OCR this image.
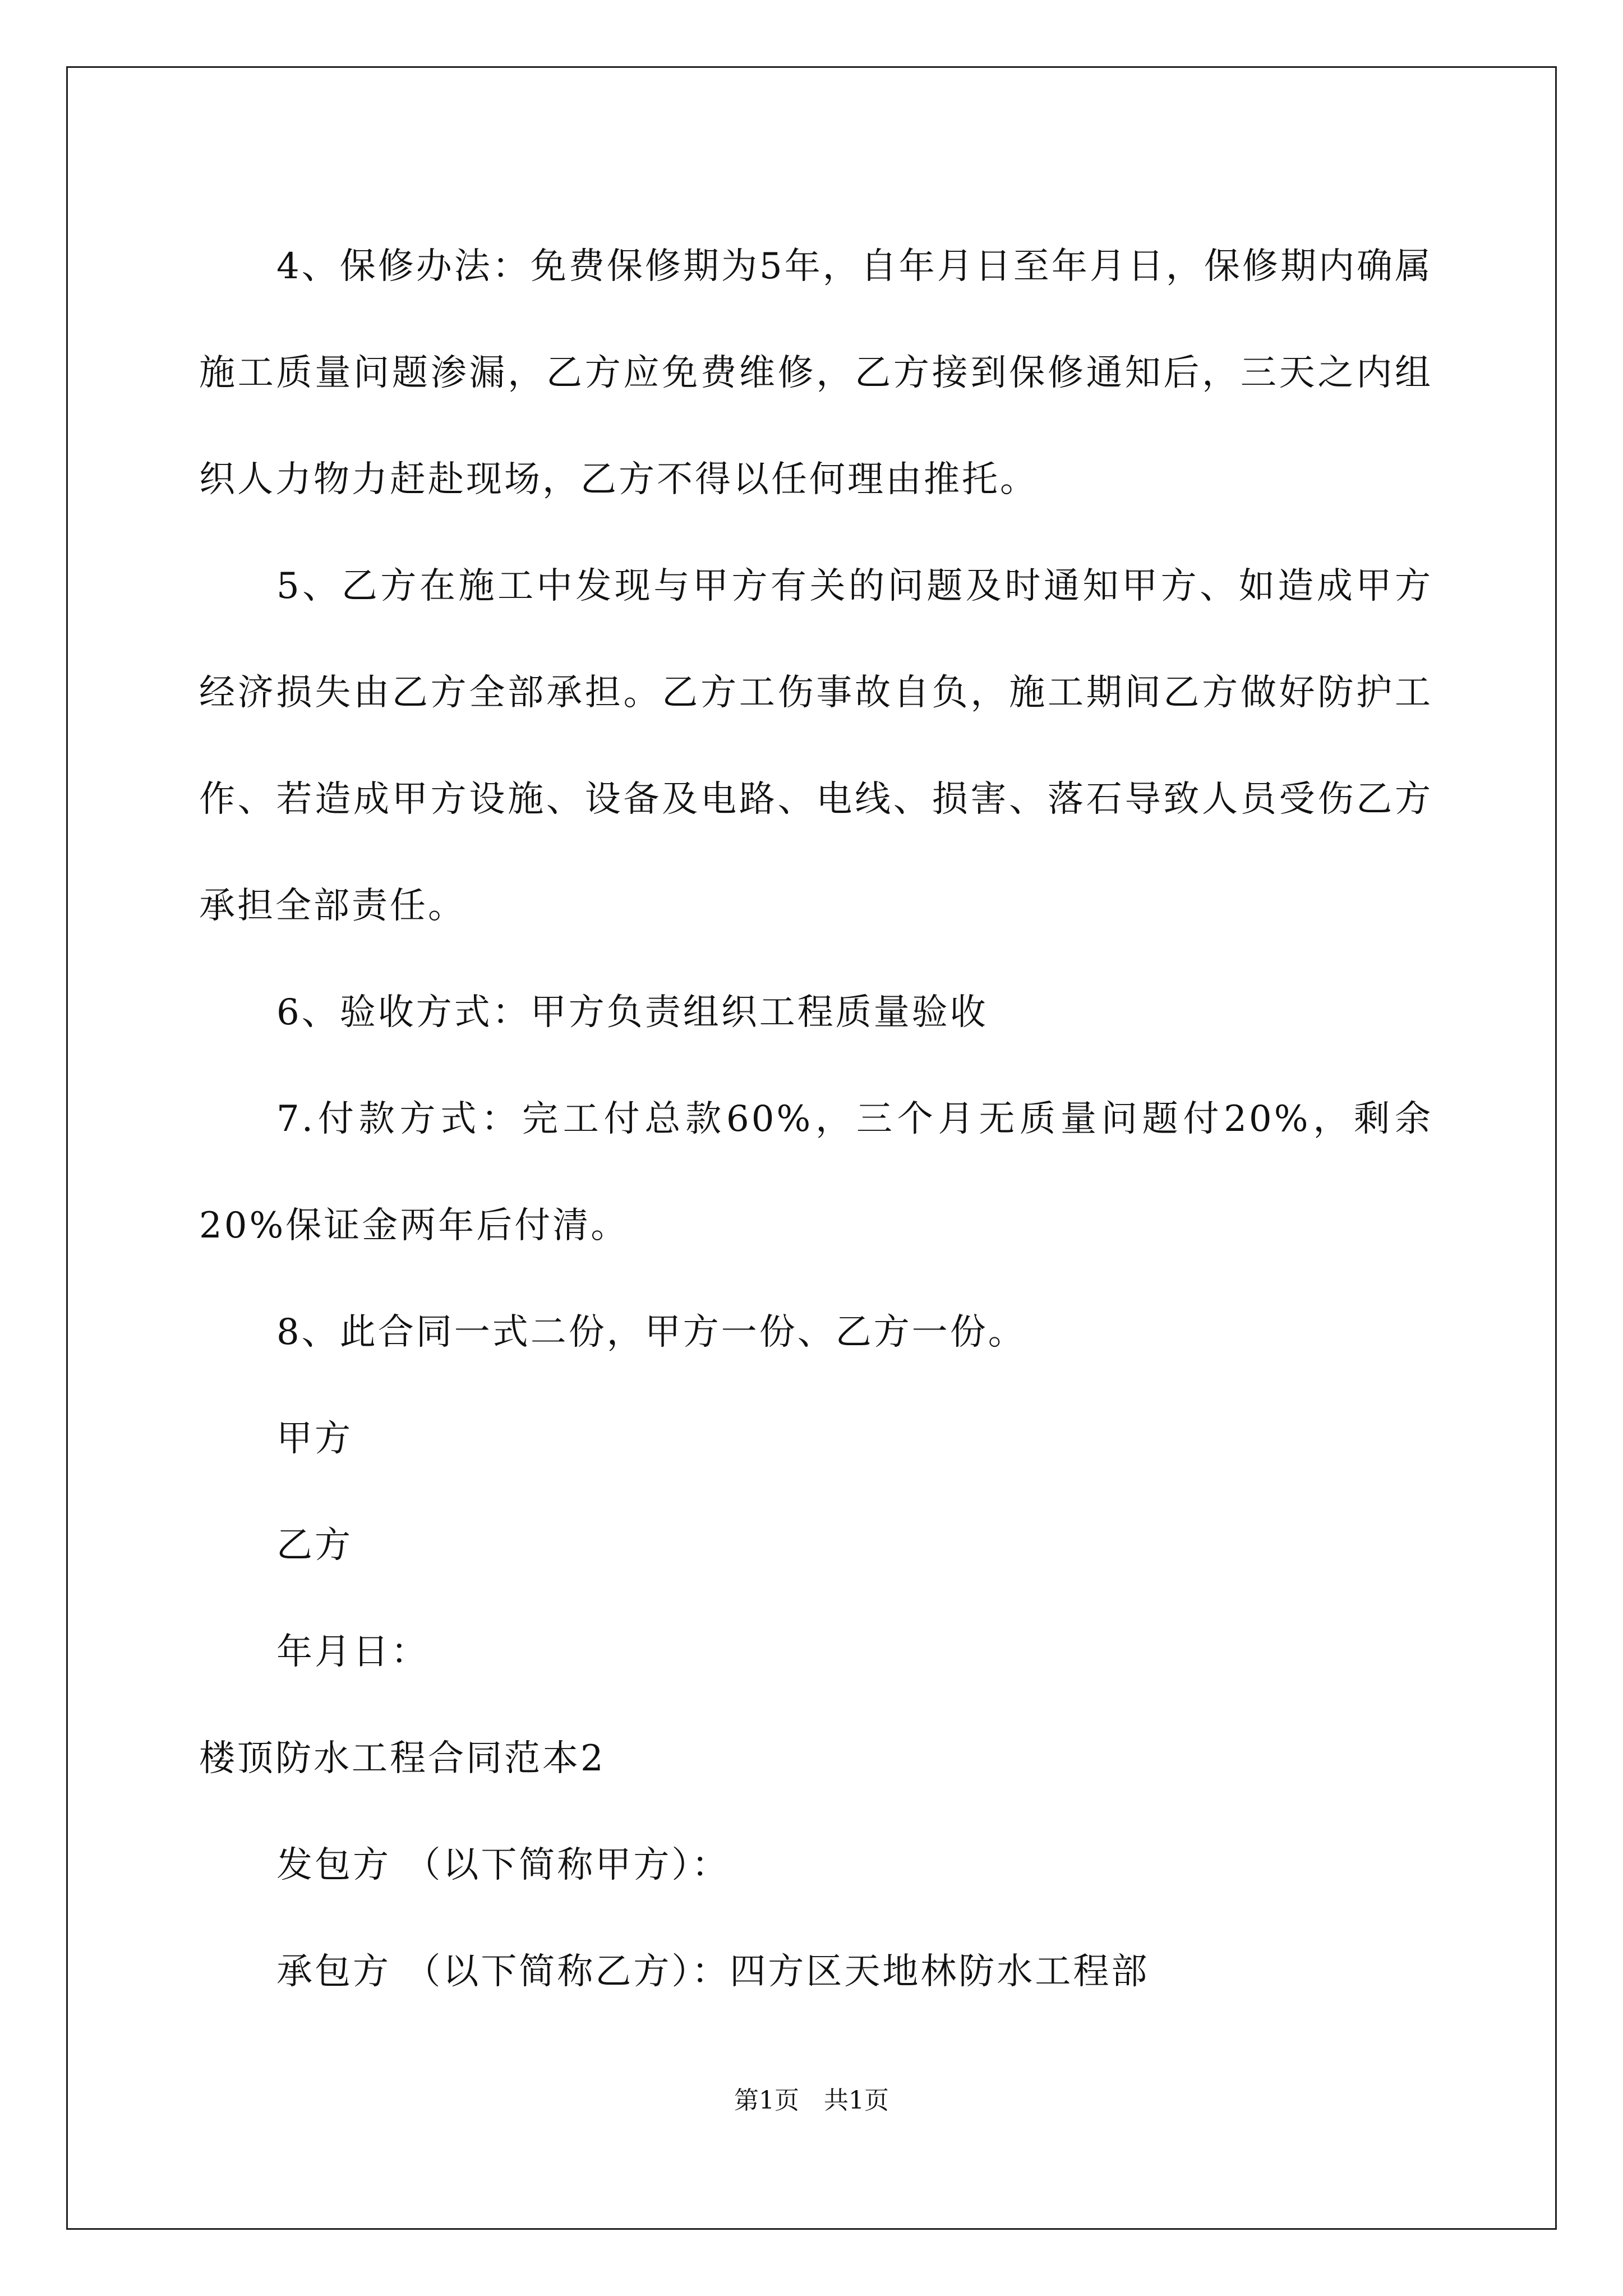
4、保修办法：免费保修期为5年，自年月日至年月日，保修期内确属施工质量问题渗漏，乙方应免费维修，乙方接到保修通知后，三天之内组织人力物力赶赴现场，乙方不得以任何理由推托。

5、乙方在施工中发现与甲方有关的问题及时通知甲方、如造成甲方经济损失由乙方全部承担。乙方工伤事故自负，施工期间乙方做好防护工作、若造成甲方设施、设备及电路、电线、损害、落石导致人员受伤乙方承担全部责任。

6、验收方式：甲方负责组织工程质量验收

7.付款方式：完工付总款60%，三个月无质量问题付20%，剩余20%保证金两年后付清。

8、此合同一式二份，甲方一份、乙方一份。

甲方

乙方

年月日：

楼顶防水工程合同范本2

发包方 （以下简称甲方）：

承包方 （以下简称乙方）：四方区天地林防水工程部

第1页　共1页
